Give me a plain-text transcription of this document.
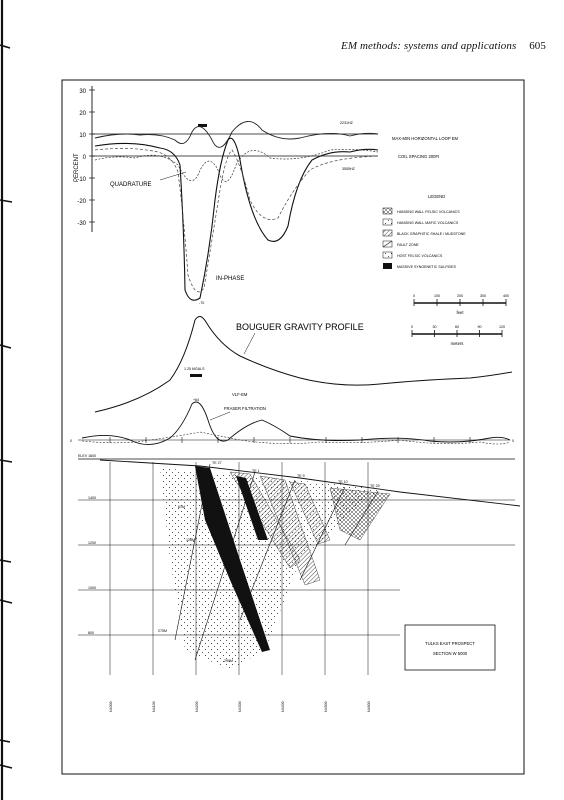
EM methods: systems and applications 605
30
20
10
0
-10
-20
-30
PERCENT
2231HZ
3555HZ
MAX-MIN HORIZONTAL LOOP EM
COIL SPACING 200Ft
QUADRATURE
IN-PHASE
-70
LEGEND
HANGING WALL FELSIC VOLCANICS
HANGING WALL MAFIC VOLCANICS
BLACK GRAPHITIC SHALE / MUDSTONE
FAULT ZONE
HOST FELSIC VOLCANICS
MASSIVE SYNGENETIC SULFIDES
0	100	200	300	400
feet
0	30	60	90	120
meters
BOUGUER GRAVITY PROFILE
1.25 MGALS
VLF-EM
FRASER FILTRATION
+64
0	0
ELEV 1600
1400
1200
1000
800
TE 27
TE 1
TE 9
TE 10
TE 29
61M
128M
275M
299M
N4000	N4100	N4200	N4300	N4400	N4500	N4600
TULKS EAST PROSPECT
SECTION W 5000
